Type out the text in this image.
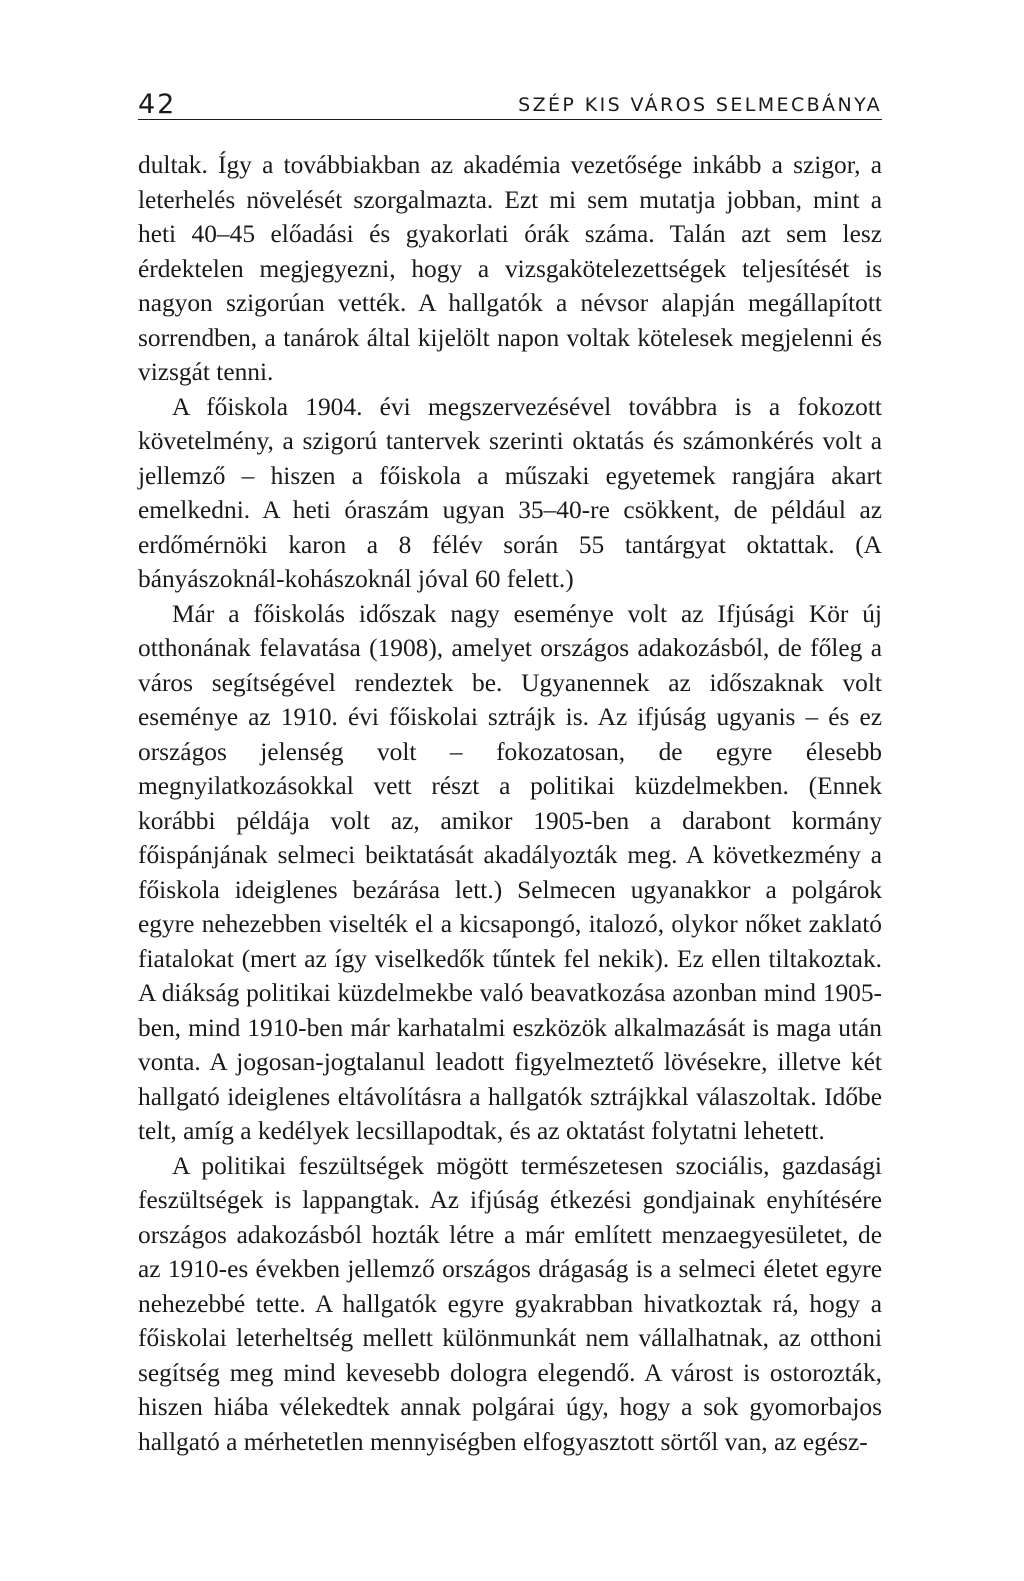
42	SZÉP KIS VÁROS SELMECBÁNYA

dultak. Így a továbbiakban az akadémia vezetősége inkább a szigor, a leterhelés növelését szorgalmazta. Ezt mi sem mutatja jobban, mint a heti 40–45 előadási és gyakorlati órák száma. Talán azt sem lesz érdektelen megjegyezni, hogy a vizsgakötelezettségek teljesítését is nagyon szigorúan vették. A hallgatók a névsor alapján megállapított sorrendben, a tanárok által kijelölt napon voltak kötelesek megjelenni és vizsgát tenni.

A főiskola 1904. évi megszervezésével továbbra is a fokozott követelmény, a szigorú tantervek szerinti oktatás és számonkérés volt a jellemző – hiszen a főiskola a műszaki egyetemek rangjára akart emelkedni. A heti óraszám ugyan 35–40-re csökkent, de például az erdőmérnöki karon a 8 félév során 55 tantárgyat oktattak. (A bányászoknál-kohászoknál jóval 60 felett.)

Már a főiskolás időszak nagy eseménye volt az Ifjúsági Kör új otthonának felavatása (1908), amelyet országos adakozásból, de főleg a város segítségével rendeztek be. Ugyanennek az időszaknak volt eseménye az 1910. évi főiskolai sztrájk is. Az ifjúság ugyanis – és ez országos jelenség volt – fokozatosan, de egyre élesebb megnyilatkozásokkal vett részt a politikai küzdelmekben. (Ennek korábbi példája volt az, amikor 1905-ben a darabont kormány főispánjának selmeci beiktatását akadályozták meg. A következmény a főiskola ideiglenes bezárása lett.) Selmecen ugyanakkor a polgárok egyre nehezebben viselték el a kicsapongó, italozó, olykor nőket zaklató fiatalokat (mert az így viselkedők tűntek fel nekik). Ez ellen tiltakoztak. A diákság politikai küzdelmekbe való beavatkozása azonban mind 1905-ben, mind 1910-ben már karhatalmi eszközök alkalmazását is maga után vonta. A jogosan-jogtalanul leadott figyelmeztető lövésekre, illetve két hallgató ideiglenes eltávolításra a hallgatók sztrájkkal válaszoltak. Időbe telt, amíg a kedélyek lecsillapodtak, és az oktatást folytatni lehetett.

A politikai feszültségek mögött természetesen szociális, gazdasági feszültségek is lappangtak. Az ifjúság étkezési gondjainak enyhítésére országos adakozásból hozták létre a már említett menzaegyesületet, de az 1910-es években jellemző országos drágaság is a selmeci életet egyre nehezebbé tette. A hallgatók egyre gyakrabban hivatkoztak rá, hogy a főiskolai leterheltség mellett különmunkát nem vállalhatnak, az otthoni segítség meg mind kevesebb dologra elegendő. A várost is ostorozták, hiszen hiába vélekedtek annak polgárai úgy, hogy a sok gyomorbajos hallgató a mérhetetlen mennyiségben elfogyasztott sörtől van, az egész-
